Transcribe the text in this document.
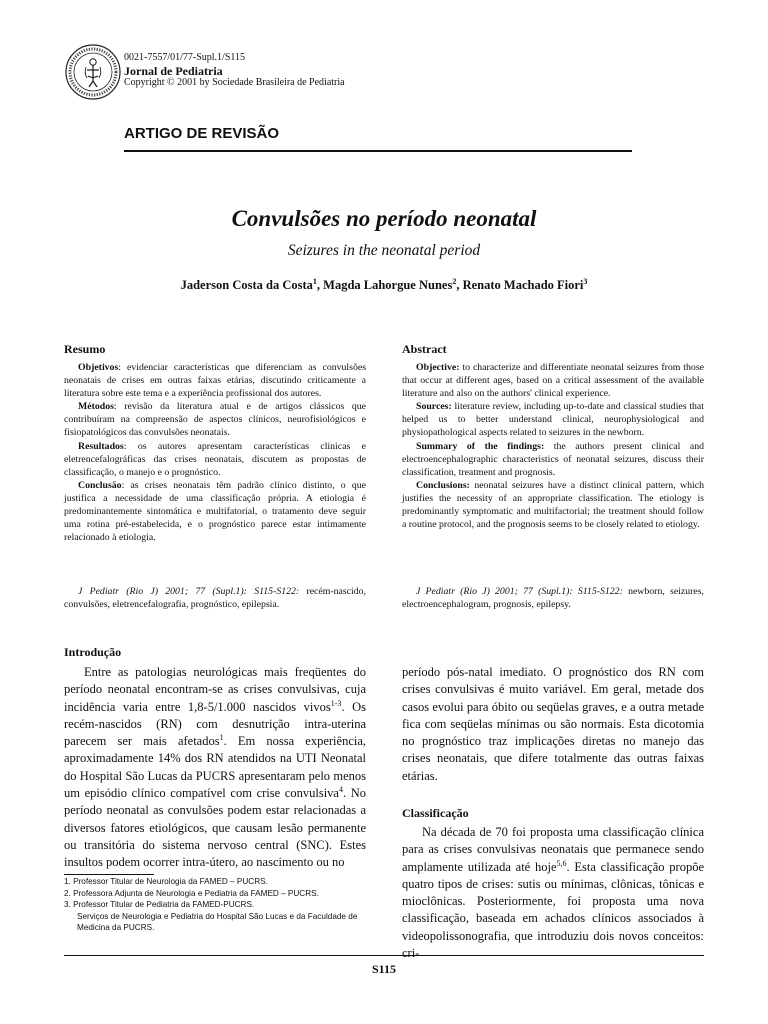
0021-7557/01/77-Supl.1/S115
Jornal de Pediatria
Copyright © 2001 by Sociedade Brasileira de Pediatria
ARTIGO DE REVISÃO
Convulsões no período neonatal
Seizures in the neonatal period
Jaderson Costa da Costa$^1$, Magda Lahorgue Nunes$^2$, Renato Machado Fiori$^3$
Resumo

Objetivos: evidenciar características que diferenciam as convulsões neonatais de crises em outras faixas etárias, discutindo criticamente a literatura sobre este tema e a experiência profissional dos autores.

Métodos: revisão da literatura atual e de artigos clássicos que contribuíram na compreensão de aspectos clínicos, neurofisiológicos e fisiopatológicos das convulsões neonatais.

Resultados: os autores apresentam características clínicas e eletrencefalográficas das crises neonatais, discutem as propostas de classificação, o manejo e o prognóstico.

Conclusão: as crises neonatais têm padrão clínico distinto, o que justifica a necessidade de uma classificação própria. A etiologia é predominantemente sintomática e multifatorial, o tratamento deve seguir uma rotina pré-estabelecida, e o prognóstico parece estar intimamente relacionado à etiologia.

J Pediatr (Rio J) 2001; 77 (Supl.1): S115-S122: recém-nascido, convulsões, eletrencefalografia, prognóstico, epilepsia.

Abstract

Objective: to characterize and differentiate neonatal seizures from those that occur at different ages, based on a critical assessment of the available literature and also on the authors' clinical experience.

Sources: literature review, including up-to-date and classical studies that helped us to better understand clinical, neurophysiological and physiopathological aspects related to seizures in the newborn.

Summary of the findings: the authors present clinical and electroencephalographic characteristics of neonatal seizures, discuss their classification, treatment and prognosis.

Conclusions: neonatal seizures have a distinct clinical pattern, which justifies the necessity of an appropriate classification. The etiology is predominantly symptomatic and multifactorial; the treatment should follow a routine protocol, and the prognosis seems to be closely related to etiology.

J Pediatr (Rio J) 2001; 77 (Supl.1): S115-S122: newborn, seizures, electroencephalogram, prognosis, epilepsy.

Introdução

Entre as patologias neurológicas mais freqüentes do período neonatal encontram-se as crises convulsivas, cuja incidência varia entre 1,8-5/1.000 nascidos vivos$^{1-3}$. Os recém-nascidos (RN) com desnutrição intra-uterina parecem ser mais afetados$^1$. Em nossa experiência, aproximadamente 14% dos RN atendidos na UTI Neonatal do Hospital São Lucas da PUCRS apresentaram pelo menos um episódio clínico compatível com crise convulsiva$^4$. No período neonatal as convulsões podem estar relacionadas a diversos fatores etiológicos, que causam lesão permanente ou transitória do sistema nervoso central (SNC). Estes insultos podem ocorrer intra-útero, ao nascimento ou no

período pós-natal imediato. O prognóstico dos RN com crises convulsivas é muito variável. Em geral, metade dos casos evolui para óbito ou seqüelas graves, e a outra metade fica com seqüelas mínimas ou são normais. Esta dicotomia no prognóstico traz implicações diretas no manejo das crises neonatais, que difere totalmente das outras faixas etárias.
Classificação

Na década de 70 foi proposta uma classificação clínica para as crises convulsivas neonatais que permanece sendo amplamente utilizada até hoje$^{5,6}$. Esta classificação propõe quatro tipos de crises: sutis ou mínimas, clônicas, tônicas e mioclônicas. Posteriormente, foi proposta uma nova classificação, baseada em achados clínicos associados à videopolissonografia, que introduziu dois novos conceitos: cri-

1. Professor Titular de Neurologia da FAMED – PUCRS.
2. Professora Adjunta de Neurologia e Pediatria da FAMED – PUCRS.
3. Professor Titular de Pediatria da FAMED-PUCRS.
Serviços de Neurologia e Pediatria do Hospital São Lucas e da Faculdade de Medicina da PUCRS.
S115
